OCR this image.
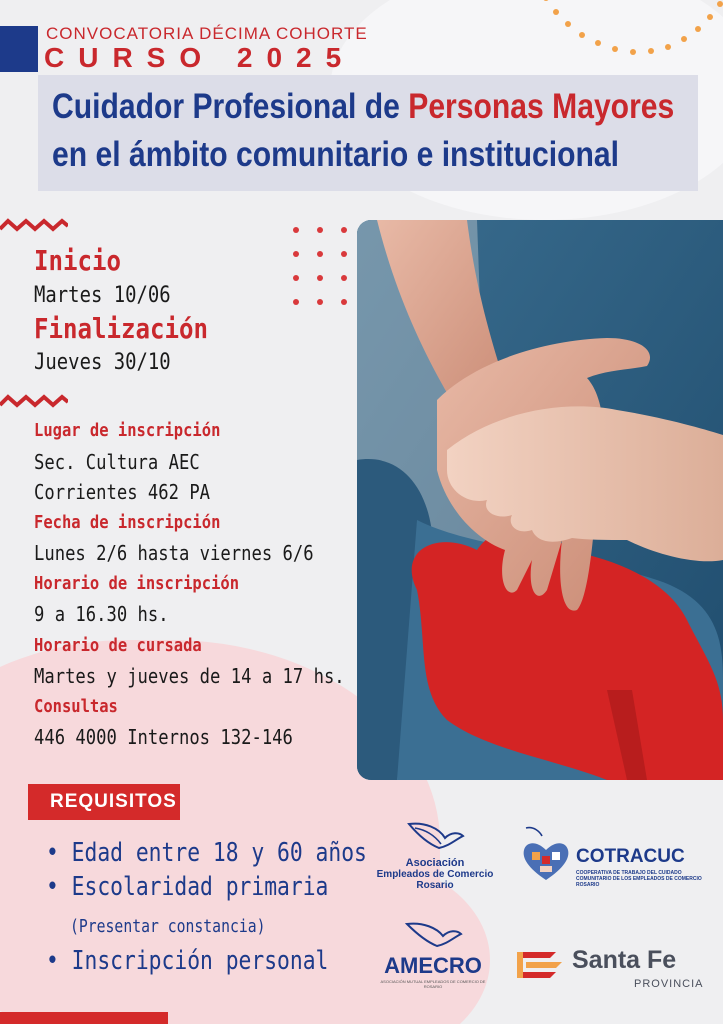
CONVOCATORIA DÉCIMA COHORTE
CURSO 2025
Cuidador Profesional de Personas Mayores
en el ámbito comunitario e institucional
Inicio
Martes 10/06
Finalización
Jueves 30/10
Lugar de inscripción
Sec. Cultura AEC
Corrientes 462 PA
Fecha de inscripción
Lunes 2/6 hasta viernes 6/6
Horario de inscripción
9 a 16.30 hs.
Horario de cursada
Martes y jueves de 14 a 17 hs.
Consultas
446 4000 Internos 132-146
REQUISITOS
• Edad entre 18 y 60 años
• Escolaridad primaria
(Presentar constancia)
• Inscripción personal
Asociación
Empleados de Comercio
Rosario
COTRACUC
COOPERATIVA DE TRABAJO DEL CUIDADO COMUNITARIO DE LOS EMPLEADOS DE COMERCIO ROSARIO
AMECRO
ASOCIACIÓN MUTUAL EMPLEADOS DE COMERCIO DE ROSARIO
Santa Fe
PROVINCIA
